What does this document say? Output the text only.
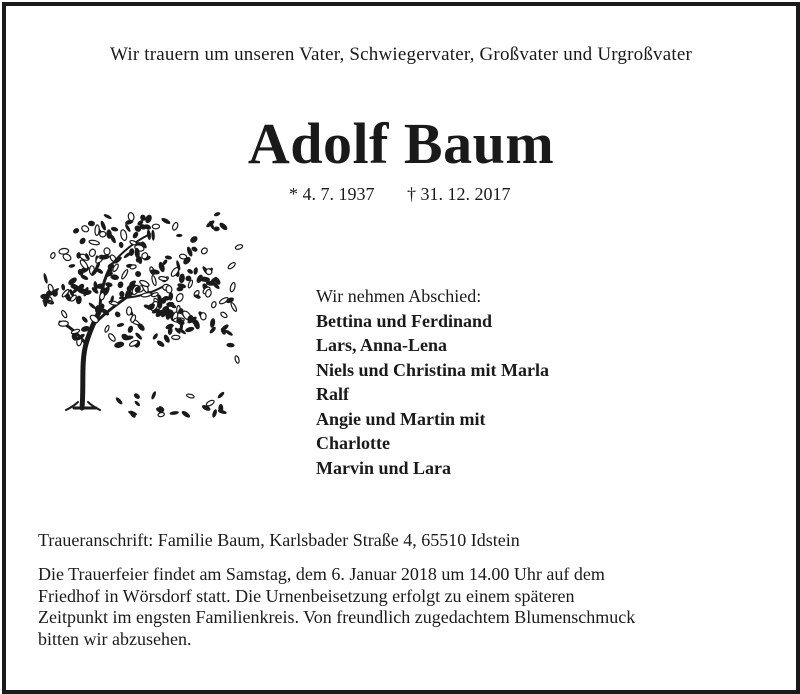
Wir trauern um unseren Vater, Schwiegervater, Großvater und Urgroßvater
Adolf Baum
* 4. 7. 1937 † 31. 12. 2017
Wir nehmen Abschied:
Bettina und Ferdinand
Lars, Anna-Lena
Niels und Christina mit Marla
Ralf
Angie und Martin mit
Charlotte
Marvin und Lara
Traueranschrift: Familie Baum, Karlsbader Straße 4, 65510 Idstein
Die Trauerfeier findet am Samstag, dem 6. Januar 2018 um 14.00 Uhr auf dem
Friedhof in Wörsdorf statt. Die Urnenbeisetzung erfolgt zu einem späteren
Zeitpunkt im engsten Familienkreis. Von freundlich zugedachtem Blumenschmuck
bitten wir abzusehen.
